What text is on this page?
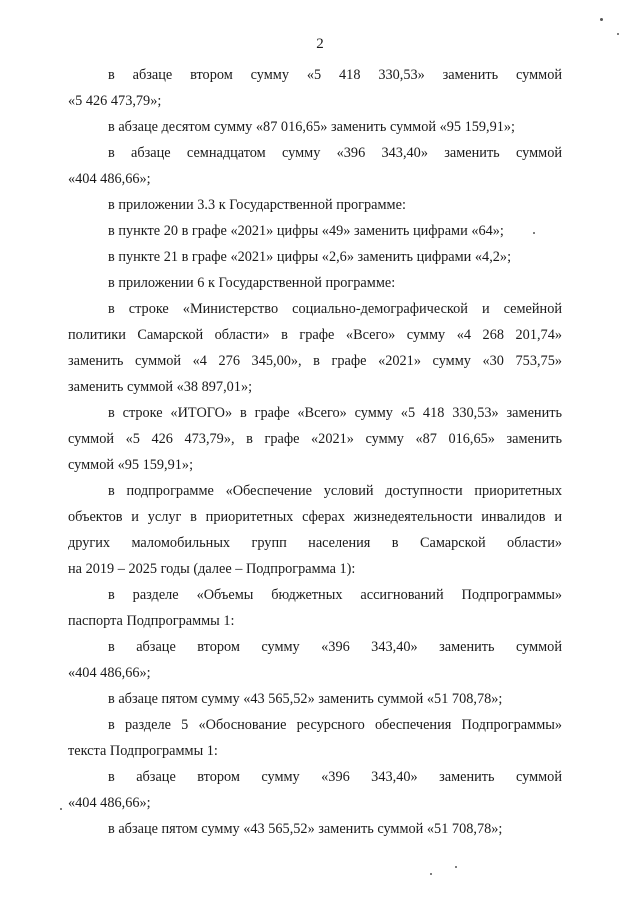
2
в абзаце втором сумму «5 418 330,53» заменить суммой
«5 426 473,79»;
в абзаце десятом сумму «87 016,65» заменить суммой «95 159,91»;
в абзаце семнадцатом сумму «396 343,40» заменить суммой
«404 486,66»;
в приложении 3.3 к Государственной программе:
в пункте 20 в графе «2021» цифры «49» заменить цифрами «64»;
в пункте 21 в графе «2021» цифры «2,6» заменить цифрами «4,2»;
в приложении 6 к Государственной программе:
в строке «Министерство социально-демографической и семейной
политики Самарской области» в графе «Всего» сумму «4 268 201,74»
заменить суммой «4 276 345,00», в графе «2021» сумму «30 753,75»
заменить суммой «38 897,01»;
в строке «ИТОГО» в графе «Всего» сумму «5 418 330,53» заменить
суммой «5 426 473,79», в графе «2021» сумму «87 016,65» заменить
суммой «95 159,91»;
в подпрограмме «Обеспечение условий доступности приоритетных
объектов и услуг в приоритетных сферах жизнедеятельности инвалидов и
других маломобильных групп населения в Самарской области»
на 2019 – 2025 годы (далее – Подпрограмма 1):
в разделе «Объемы бюджетных ассигнований Подпрограммы»
паспорта Подпрограммы 1:
в абзаце втором сумму «396 343,40» заменить суммой
«404 486,66»;
в абзаце пятом сумму «43 565,52» заменить суммой «51 708,78»;
в разделе 5 «Обоснование ресурсного обеспечения Подпрограммы»
текста Подпрограммы 1:
в абзаце втором сумму «396 343,40» заменить суммой
«404 486,66»;
в абзаце пятом сумму «43 565,52» заменить суммой «51 708,78»;
